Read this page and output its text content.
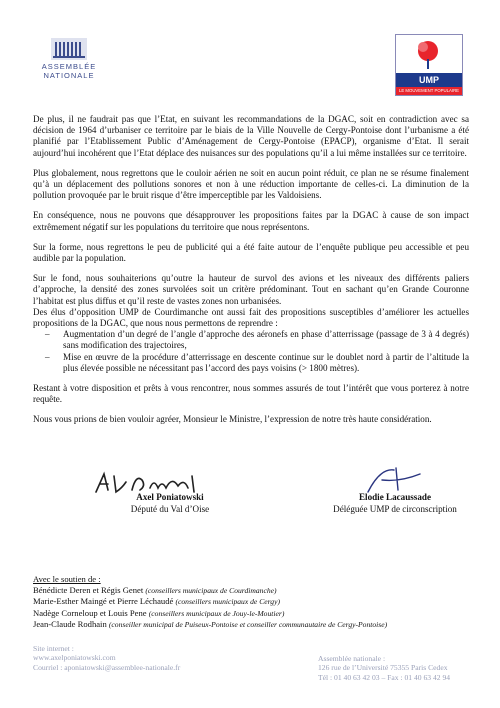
ASSEMBLÉE
NATIONALE	UMP
LE MOUVEMENT POPULAIRE

De plus, il ne faudrait pas que l’Etat, en suivant les recommandations de la DGAC, soit en contradiction avec sa décision de 1964 d’urbaniser ce territoire par le biais de la Ville Nouvelle de Cergy-Pontoise dont l’urbanisme a été planifié par l’Etablissement Public d’Aménagement de Cergy-Pontoise (EPACP), organisme d’Etat. Il serait aujourd’hui incohérent que l’Etat déplace des nuisances sur des populations qu’il a lui même installées sur ce territoire.

Plus globalement, nous regrettons que le couloir aérien ne soit en aucun point réduit, ce plan ne se résume finalement qu’à un déplacement des pollutions sonores et non à une réduction importante de celles-ci. La diminution de la pollution provoquée par le bruit risque d’être imperceptible par les Valdoisiens.

En conséquence, nous ne pouvons que désapprouver les propositions faites par la DGAC à cause de son impact extrêmement négatif sur les populations du territoire que nous représentons.

Sur la forme, nous regrettons le peu de publicité qui a été faite autour de l’enquête publique peu accessible et peu audible par la population.

Sur le fond, nous souhaiterions qu’outre la hauteur de survol des avions et les niveaux des différents paliers d’approche, la densité des zones survolées soit un critère prédominant. Tout en sachant qu’en Grande Couronne l’habitat est plus diffus et qu’il reste de vastes zones non urbanisées.

Des élus d’opposition UMP de Courdimanche ont aussi fait des propositions susceptibles d’améliorer les actuelles propositions de la DGAC, que nous nous permettons de reprendre :

– Augmentation d’un degré de l’angle d’approche des aéronefs en phase d’atterrissage (passage de 3 à 4 degrés) sans modification des trajectoires,
– Mise en œuvre de la procédure d’atterrissage en descente continue sur le doublet nord à partir de l’altitude la plus élevée possible ne nécessitant pas l’accord des pays voisins (> 1800 mètres).

Restant à votre disposition et prêts à vous rencontrer, nous sommes assurés de tout l’intérêt que vous porterez à notre requête.

Nous vous prions de bien vouloir agréer, Monsieur le Ministre, l’expression de notre très haute considération.

Axel Poniatowski
Député du Val d’Oise
Elodie Lacaussade
Déléguée UMP de circonscription
Avec le soutien de :
Bénédicte Deren et Régis Genet (conseillers municipaux de Courdimanche)
Marie-Esther Maingé et Pierre Léchaudé (conseillers municipaux de Cergy)
Nadège Corneloup et Louis Pene (conseillers municipaux de Jouy-le-Moutier)
Jean-Claude Rodhain (conseiller municipal de Puiseux-Pontoise et conseiller communautaire de Cergy-Pontoise)
Site internet :
www.axelponiatowski.com
Courriel : aponiatowski@assemblee-nationale.fr
Assemblée nationale :
126 rue de l’Université 75355 Paris Cedex
Tél : 01 40 63 42 03 – Fax : 01 40 63 42 94
